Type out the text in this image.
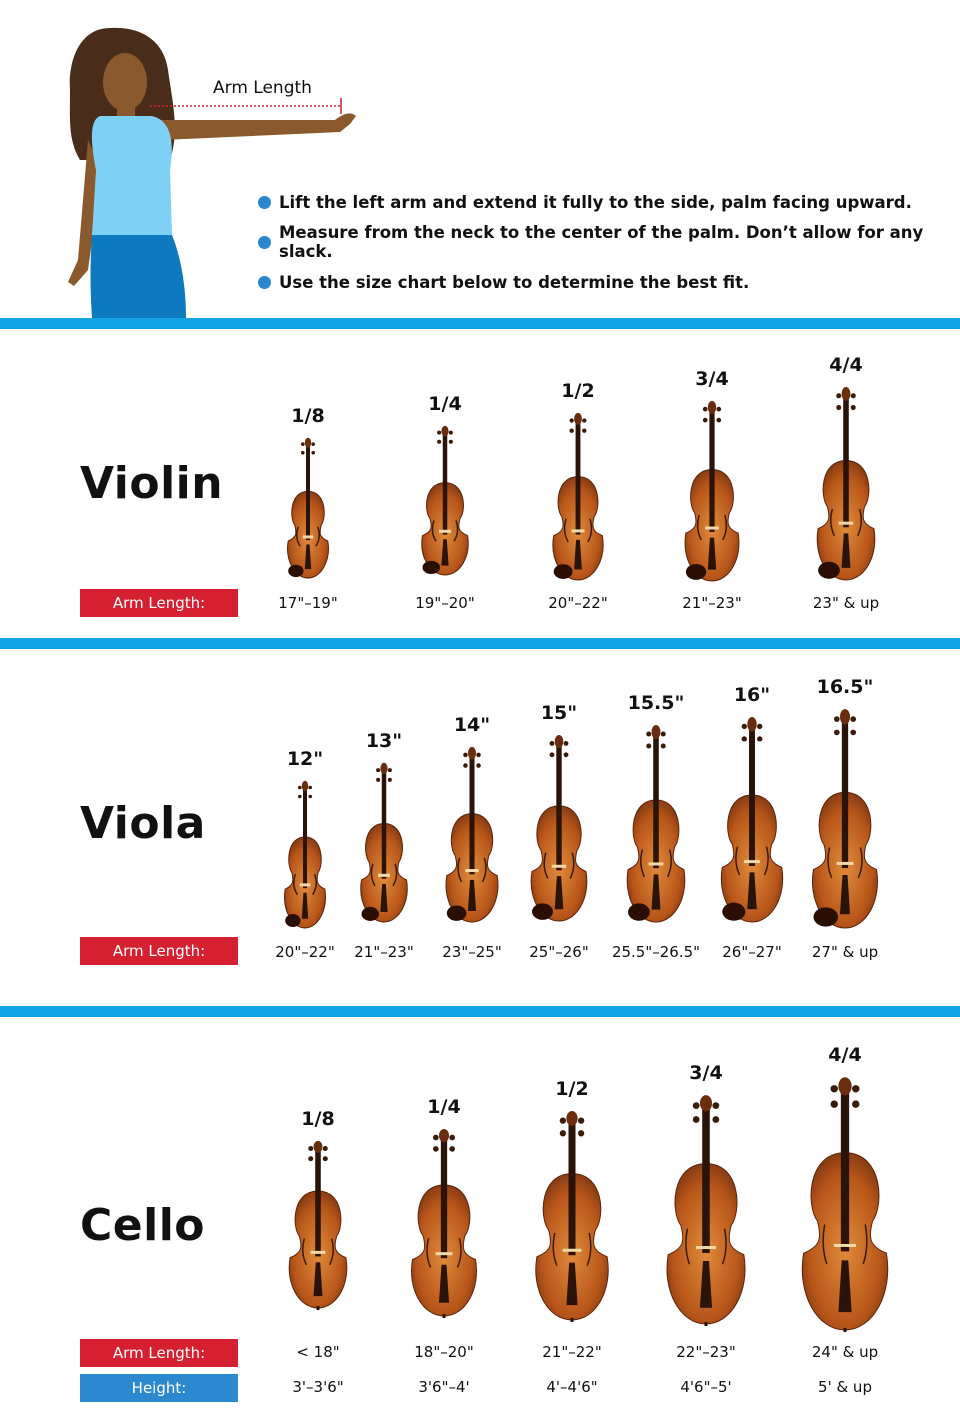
Arm Length
Lift the left arm and extend it fully to the side, palm facing upward.
Measure from the neck to the center of the palm. Don’t allow for any slack.
Use the size chart below to determine the best fit.
Violin
Arm Length:
1/8
17"–19"
1/4
19"–20"
1/2
20"–22"
3/4
21"–23"
4/4
23" & up
Viola
Arm Length:
12"
20"–22"
13"
21"–23"
14"
23"–25"
15"
25"–26"
15.5"
25.5"–26.5"
16"
26"–27"
16.5"
27" & up
Cello
Arm Length:
Height:
1/8
< 18"
3'–3'6"
1/4
18"–20"
3'6"–4'
1/2
21"–22"
4'–4'6"
3/4
22"–23"
4'6"–5'
4/4
24" & up
5' & up
